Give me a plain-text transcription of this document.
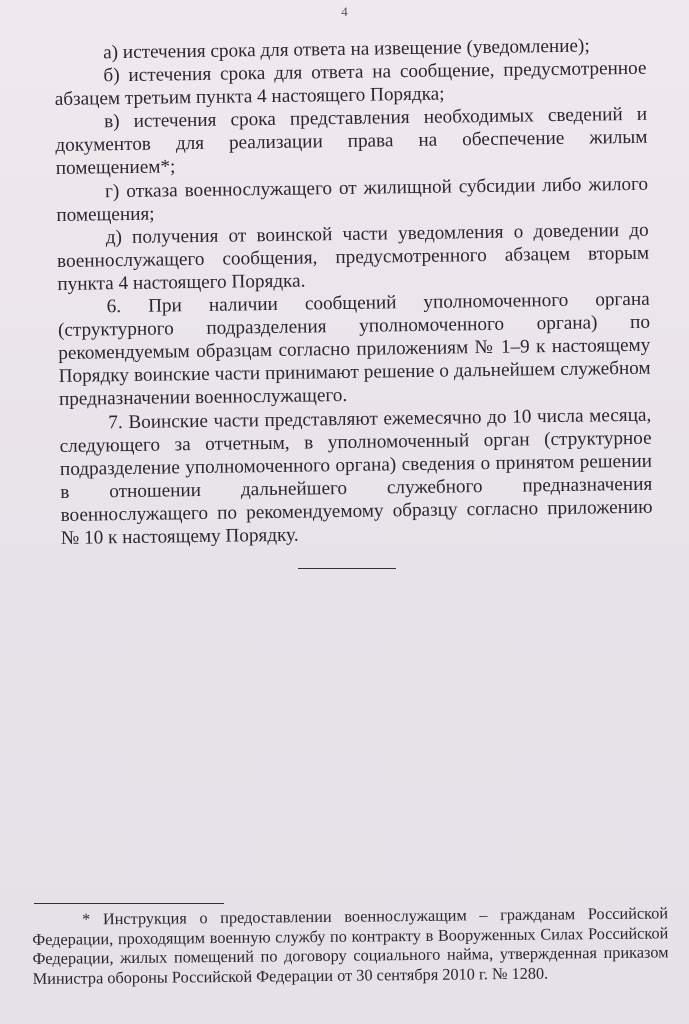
4

а) истечения срока для ответа на извещение (уведомление);

б) истечения срока для ответа на сообщение, предусмотренное абзацем третьим пункта 4 настоящего Порядка;

в) истечения срока представления необходимых сведений и документов для реализации права на обеспечение жилым помещением*;

г) отказа военнослужащего от жилищной субсидии либо жилого помещения;

д) получения от воинской части уведомления о доведении до военнослужащего сообщения, предусмотренного абзацем вторым пункта 4 настоящего Порядка.

6. При наличии сообщений уполномоченного органа (структурного подразделения уполномоченного органа) по рекомендуемым образцам согласно приложениям № 1–9 к настоящему Порядку воинские части принимают решение о дальнейшем служебном предназначении военнослужащего.

7. Воинские части представляют ежемесячно до 10 числа месяца, следующего за отчетным, в уполномоченный орган (структурное подразделение уполномоченного органа) сведения о принятом решении в отношении дальнейшего служебного предназначения военнослужащего по рекомендуемому образцу согласно приложению № 10 к настоящему Порядку.

* Инструкция о предоставлении военнослужащим – гражданам Российской Федерации, проходящим военную службу по контракту в Вооруженных Силах Российской Федерации, жилых помещений по договору социального найма, утвержденная приказом Министра обороны Российской Федерации от 30 сентября 2010 г. № 1280.
